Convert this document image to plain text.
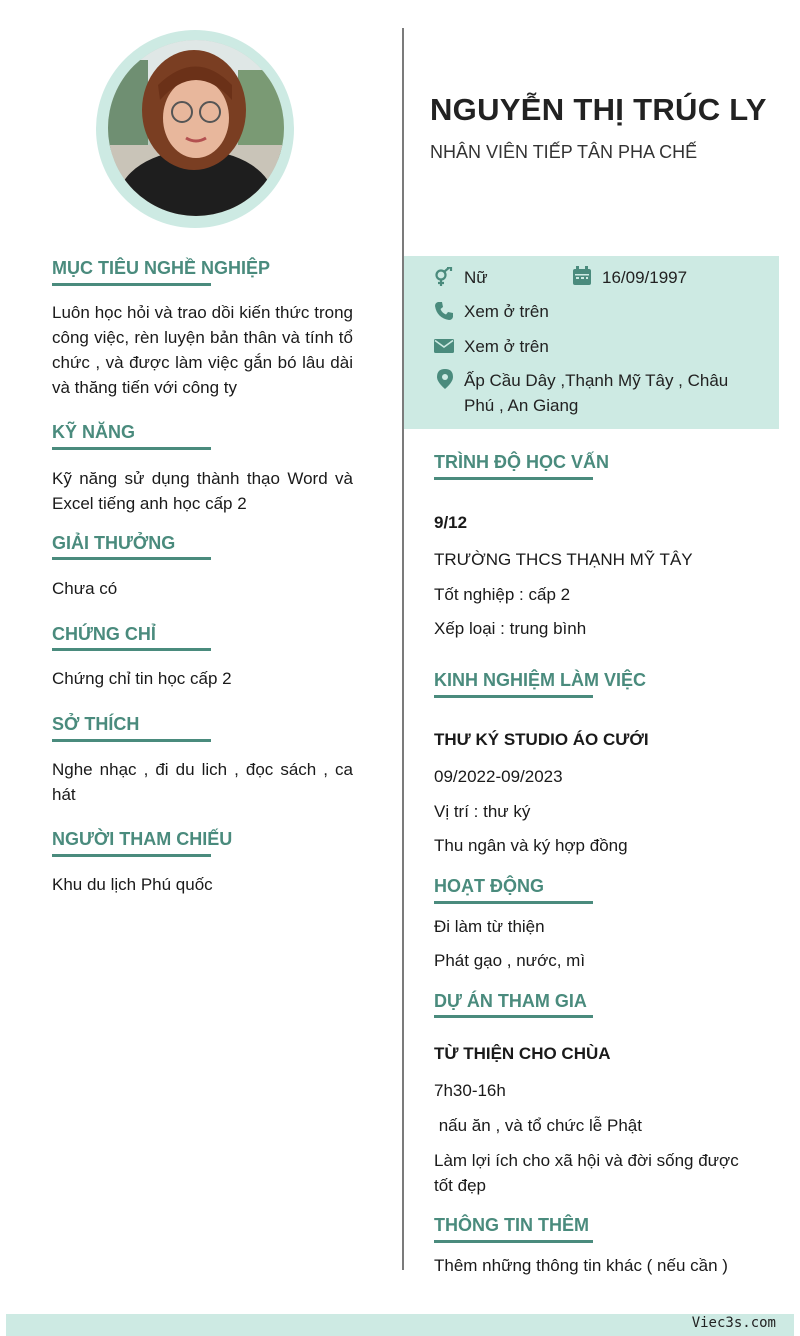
NGUYỄN THỊ TRÚC LY
NHÂN VIÊN TIẾP TÂN PHA CHẾ
Nữ	16/09/1997
Xem ở trên
Xem ở trên
Ấp Cầu Dây ,Thạnh Mỹ Tây , Châu Phú , An Giang
MỤC TIÊU NGHỀ NGHIỆP
Luôn học hỏi và trao dồi kiến thức trong công việc, rèn luyện bản thân và tính tổ chức , và được làm việc gắn bó lâu dài và thăng tiến với công ty
KỸ NĂNG
Kỹ năng sử dụng thành thạo Word và Excel tiếng anh học cấp 2
GIẢI THƯỞNG
Chưa có
CHỨNG CHỈ
Chứng chỉ tin học cấp 2
SỞ THÍCH
Nghe nhạc , đi du lich , đọc sách , ca hát
NGƯỜI THAM CHIẾU
Khu du lịch Phú quốc
TRÌNH ĐỘ HỌC VẤN
9/12
TRƯỜNG THCS THẠNH MỸ TÂY
Tốt nghiệp : cấp 2
Xếp loại : trung bình
KINH NGHIỆM LÀM VIỆC
THƯ KÝ STUDIO ÁO CƯỚI
09/2022-09/2023
Vị trí : thư ký
Thu ngân và ký hợp đồng
HOẠT ĐỘNG
Đi làm từ thiện
Phát gạo , nước, mì
DỰ ÁN THAM GIA
TỪ THIỆN CHO CHÙA
7h30-16h
nấu ăn , và tổ chức lễ Phật
Làm lợi ích cho xã hội và đời sống được tốt đẹp
THÔNG TIN THÊM
Thêm những thông tin khác ( nếu cần )
Viec3s.com
